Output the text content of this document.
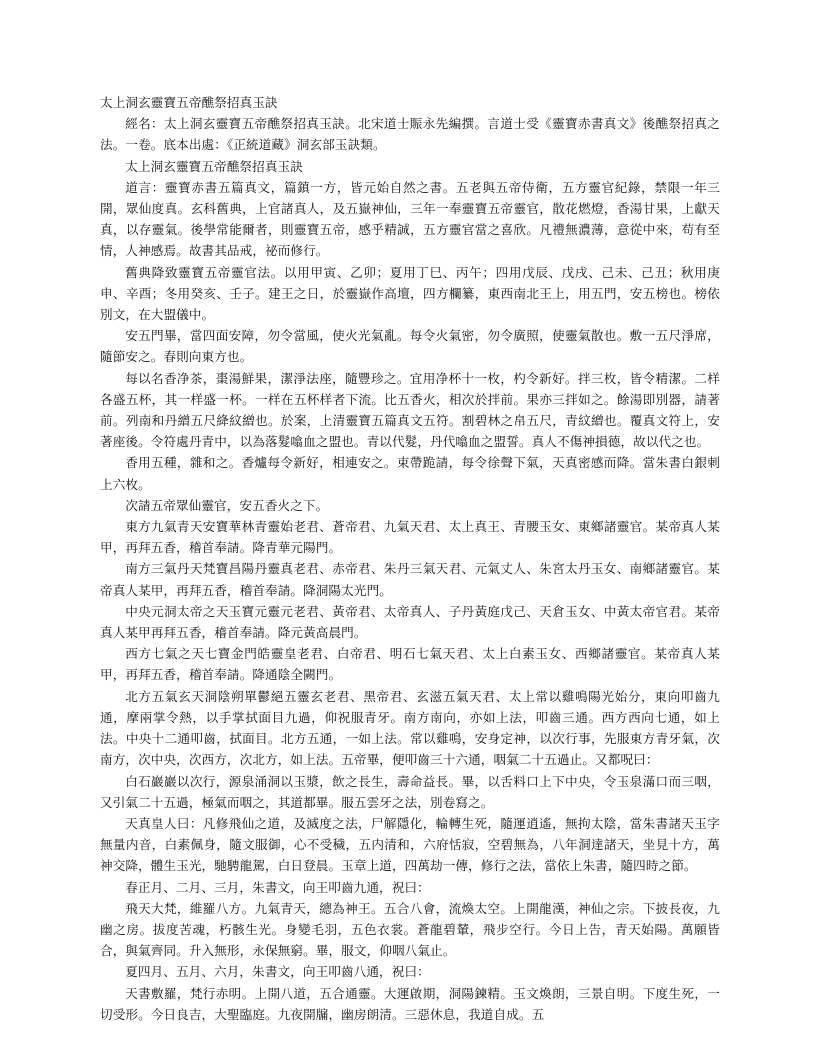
太上洞玄靈寶五帝醮祭招真玉訣

經名：太上洞玄靈寶五帝醮祭招真玉訣。北宋道士賑永先編撰。言道士受《靈寶赤書真文》後醮祭招真之法。一卷。底本出處：《正統道藏》洞玄部玉訣類。

太上洞玄靈寶五帝醮祭招真玉訣

道言：靈寶赤書五篇真文，篇鎮一方，皆元始自然之書。五老與五帝侍衛，五方靈官紀錄，禁限一年三開，眾仙度真。玄科舊典，上官諸真人，及五嶽神仙，三年一奉靈寶五帝靈官，散花燃燈，香湯甘果，上獻天真，以存靈氣。後學常能爾者，則靈寶五帝，感乎精誠，五方靈官當之喜欣。凡禮無濃薄，意從中來，苟有至情，人神感焉。故書其品戒，祕而修行。

舊典降致靈寶五帝靈官法。以用甲寅、乙卯；夏用丁巳、丙午；四用戊辰、戊戌、己未、己丑；秋用庚申、辛酉；冬用癸亥、壬子。建王之日，於靈嶽作高壇，四方欄纂，東西南北王上，用五門，安五榜也。榜依別文，在大盟儀中。

安五門畢，當四面安障，勿令當風，使火光氣亂。每令火氣密，勿令廣照，使靈氣散也。敷一五尺淨席，隨節安之。春則向東方也。

每以名香净茶，棗湯鮮果，潔淨法座，隨豐珍之。宜用净杯十一枚，杓令新好。拌三枚，皆令精潔。二样各盛五杯，其一样盛一杯。一样在五杯样者下流。比五香火，相次於拌前。果亦三拌如之。餘湯即別器，請著前。列南和丹繒五尺絳紋繒也。於案，上清靈寶五篇真文五符。割碧林之帛五尺，青紋繒也。覆真文符上，安著座後。令符處丹青中，以為落髮噏血之盟也。青以代髮，丹代噏血之盟誓。真人不傷神損德，故以代之也。

香用五種，雜和之。香爐每令新好，相連安之。束帶跪請，每令徐聲下氣，天真密感而降。當朱書白銀刺上六枚。

次請五帝眾仙靈官，安五香火之下。

東方九氣青天安寶華林青靈始老君、蒼帝君、九氣天君、太上真王、青腰玉女、東鄉諸靈官。某帝真人某甲，再拜五香，稽首奉請。降青華元陽門。

南方三氣丹天梵寶昌陽丹靈真老君、赤帝君、朱丹三氣天君、元氣丈人、朱宮太丹玉女、南鄉諸靈官。某帝真人某甲，再拜五香，稽首奉請。降洞陽太光門。

中央元洞太帝之天玉寶元靈元老君、黃帝君、太帝真人、子丹黃庭戊己、天倉玉女、中黃太帝官君。某帝真人某甲再拜五香，稽首奉請。降元黃高晨門。

西方七氣之天七寶金門皓靈皇老君、白帝君、明石七氣天君、太上白素玉女、西鄉諸靈官。某帝真人某甲，再拜五香，稽首奉請。降通陰全闕門。

北方五氣玄天洞陰朔單鬱絕五靈玄老君、黑帝君、玄滋五氣天君、太上常以雞鳴陽光始分，東向叩齒九通，摩兩掌令熱，以手掌拭面目九過，仰祝服青牙。南方南向，亦如上法，叩齒三通。西方西向七通，如上法。中央十二通叩齒，拭面目。北方五通，一如上法。常以雞鳴，安身定神，以次行事，先服東方青牙氣，次南方，次中央，次西方，次北方，如上法。五帝畢，便叩齒三十六通，咽氣二十五過止。又都呪曰：

白石巖巖以次行，源泉涌洞以玉漿，飲之長生，壽命益長。畢，以舌料口上下中央，令玉泉滿口而三咽，又引氣二十五過，極氣而咽之，其道都畢。服五雲牙之法，別卷寫之。

天真皇人曰：凡修飛仙之道，及滅度之法，尸解隱化，輪轉生死，隨運逍遙，無拘太陰，當朱書諸天玉字無量内音，白素佩身，隨文服御，心不受穢，五内清和，六府恬寂，空碧無為，八年洞達諸天，坐見十方，萬神交降，體生玉光，馳騁龍駕，白日登晨。玉章上道，四萬劫一傳，修行之法，當依上朱書，隨四時之節。

春正月、二月、三月，朱書文，向王叩齒九通，祝曰：

飛天大梵，維羅八方。九氣青天，總為神王。五合八會，流煥太空。上開龍漢，神仙之宗。下披長夜，九幽之房。拔度苦魂，朽骸生光。身變毛羽，五色衣裳。蒼龍碧輦，飛步空行。今日上告，青天始陽。萬願皆合，與氣齊同。升入無形，永保無窮。畢，服文，仰咽八氣止。

夏四月、五月、六月，朱書文，向王叩齒八通，祝曰：

天書敷羅，梵行赤明。上開八道，五合通靈。大運啟期，洞陽鍊精。玉文煥朗，三景自明。下度生死，一切受形。今日良吉，大聖臨庭。九夜開牖，幽房朗清。三惡休息，我道自成。五
